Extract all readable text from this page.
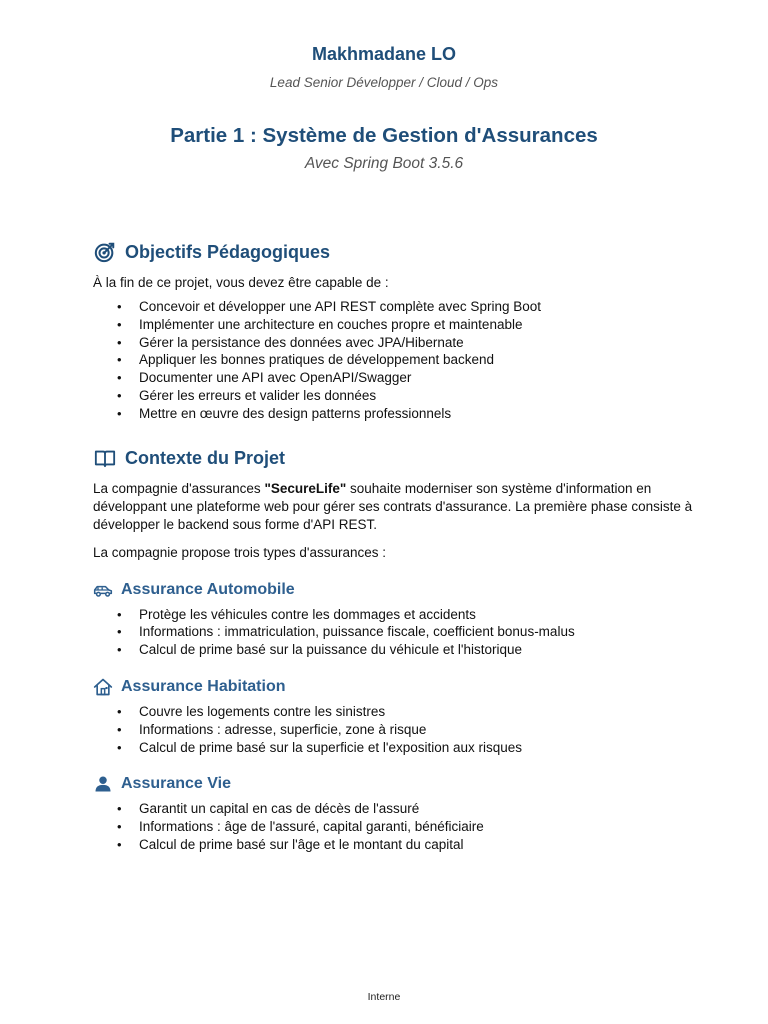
Makhmadane LO
Lead Senior Développer / Cloud / Ops
Partie 1 : Système de Gestion d'Assurances
Avec Spring Boot 3.5.6
Objectifs Pédagogiques

À la fin de ce projet, vous devez être capable de :

• Concevoir et développer une API REST complète avec Spring Boot
• Implémenter une architecture en couches propre et maintenable
• Gérer la persistance des données avec JPA/Hibernate
• Appliquer les bonnes pratiques de développement backend
• Documenter une API avec OpenAPI/Swagger
• Gérer les erreurs et valider les données
• Mettre en œuvre des design patterns professionnels
Contexte du Projet

La compagnie d'assurances "SecureLife" souhaite moderniser son système d'information en développant une plateforme web pour gérer ses contrats d'assurance. La première phase consiste à développer le backend sous forme d'API REST.

La compagnie propose trois types d'assurances :

Assurance Automobile
• Protège les véhicules contre les dommages et accidents
• Informations : immatriculation, puissance fiscale, coefficient bonus-malus
• Calcul de prime basé sur la puissance du véhicule et l'historique
Assurance Habitation
• Couvre les logements contre les sinistres
• Informations : adresse, superficie, zone à risque
• Calcul de prime basé sur la superficie et l'exposition aux risques
Assurance Vie
• Garantit un capital en cas de décès de l'assuré
• Informations : âge de l'assuré, capital garanti, bénéficiaire
• Calcul de prime basé sur l'âge et le montant du capital
Interne
